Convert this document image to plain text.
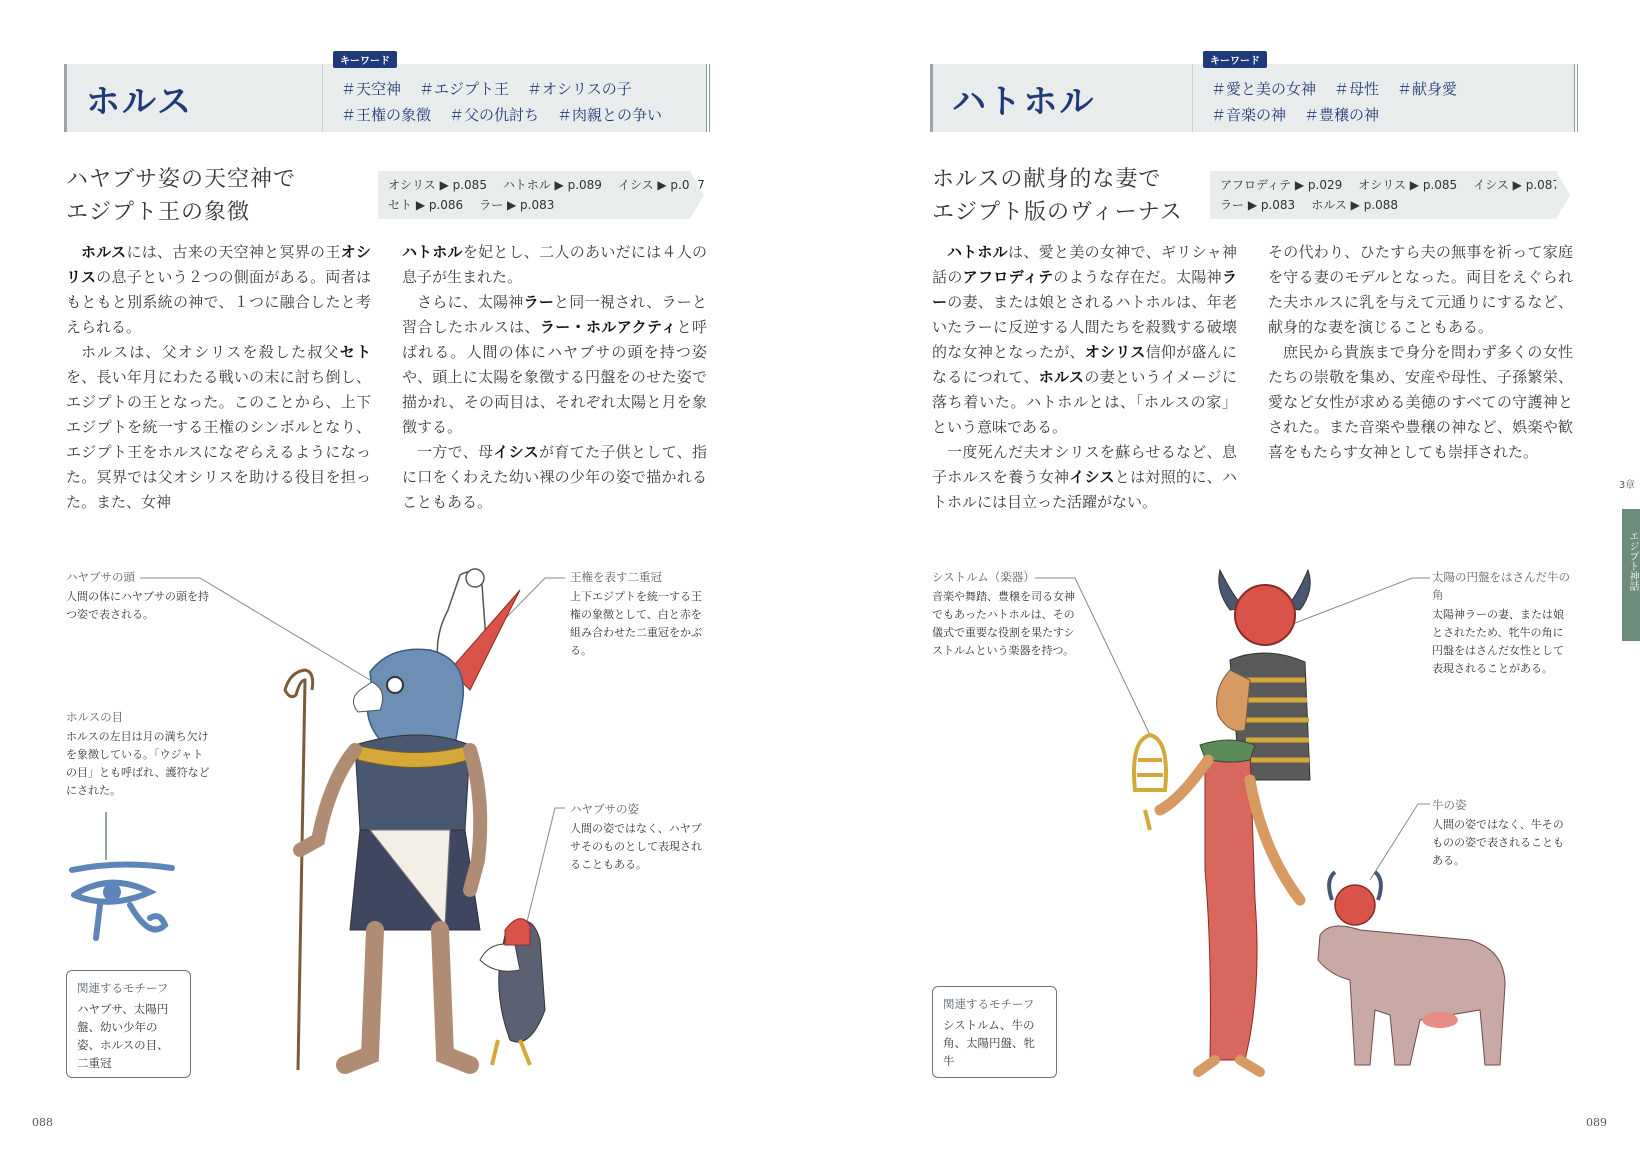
ホルス
キーワード
＃天空神 ＃エジプト王 ＃オシリスの子
＃王権の象徴 ＃父の仇討ち ＃肉親との争い
ハヤブサ姿の天空神で
エジプト王の象徴
オシリス ▶ p.085 ハトホル ▶ p.089 イシス ▶ p.087
セト ▶ p.086 ラー ▶ p.083

ホルスには、古来の天空神と冥界の王オシリスの息子という２つの側面がある。両者はもともと別系統の神で、１つに融合したと考えられる。

ホルスは、父オシリスを殺した叔父セトを、長い年月にわたる戦いの末に討ち倒し、エジプトの王となった。このことから、上下エジプトを統一する王権のシンボルとなり、エジプト王をホルスになぞらえるようになった。冥界では父オシリスを助ける役目を担った。また、女神

ハトホルを妃とし、二人のあいだには４人の息子が生まれた。

さらに、太陽神ラーと同一視され、ラーと習合したホルスは、ラー・ホルアクティと呼ばれる。人間の体にハヤブサの頭を持つ姿や、頭上に太陽を象徴する円盤をのせた姿で描かれ、その両目は、それぞれ太陽と月を象徴する。

一方で、母イシスが育てた子供として、指に口をくわえた幼い裸の少年の姿で描かれることもある。

ハヤブサの頭
人間の体にハヤブサの頭を持つ姿で表される。
ホルスの目
ホルスの左目は月の満ち欠けを象徴している。「ウジャトの目」とも呼ばれ、護符などにされた。
王権を表す二重冠
上下エジプトを統一する王権の象徴として、白と赤を組み合わせた二重冠をかぶる。
ハヤブサの姿
人間の姿ではなく、ハヤブサそのものとして表現されることもある。
関連するモチーフ
ハヤブサ、太陽円盤、幼い少年の姿、ホルスの目、二重冠
088
ハトホル
キーワード
＃愛と美の女神 ＃母性 ＃献身愛
＃音楽の神 ＃豊穣の神
ホルスの献身的な妻で
エジプト版のヴィーナス
アフロディテ ▶ p.029 オシリス ▶ p.085 イシス ▶ p.087
ラー ▶ p.083 ホルス ▶ p.088

ハトホルは、愛と美の女神で、ギリシャ神話のアフロディテのような存在だ。太陽神ラーの妻、または娘とされるハトホルは、年老いたラーに反逆する人間たちを殺戮する破壊的な女神となったが、オシリス信仰が盛んになるにつれて、ホルスの妻というイメージに落ち着いた。ハトホルとは、「ホルスの家」という意味である。

一度死んだ夫オシリスを蘇らせるなど、息子ホルスを養う女神イシスとは対照的に、ハトホルには目立った活躍がない。

その代わり、ひたすら夫の無事を祈って家庭を守る妻のモデルとなった。両目をえぐられた夫ホルスに乳を与えて元通りにするなど、献身的な妻を演じることもある。

庶民から貴族まで身分を問わず多くの女性たちの崇敬を集め、安産や母性、子孫繁栄、愛など女性が求める美徳のすべての守護神とされた。また音楽や豊穣の神など、娯楽や歓喜をもたらす女神としても崇拝された。

シストルム（楽器）
音楽や舞踏、豊穣を司る女神でもあったハトホルは、その儀式で重要な役割を果たすシストルムという楽器を持つ。
太陽の円盤をはさんだ牛の角
太陽神ラーの妻、または娘とされたため、牝牛の角に円盤をはさんだ女性として表現されることがある。
牛の姿
人間の姿ではなく、牛そのものの姿で表されることもある。
関連するモチーフ
シストルム、牛の角、太陽円盤、牝牛
089
3章
エジプト神話
